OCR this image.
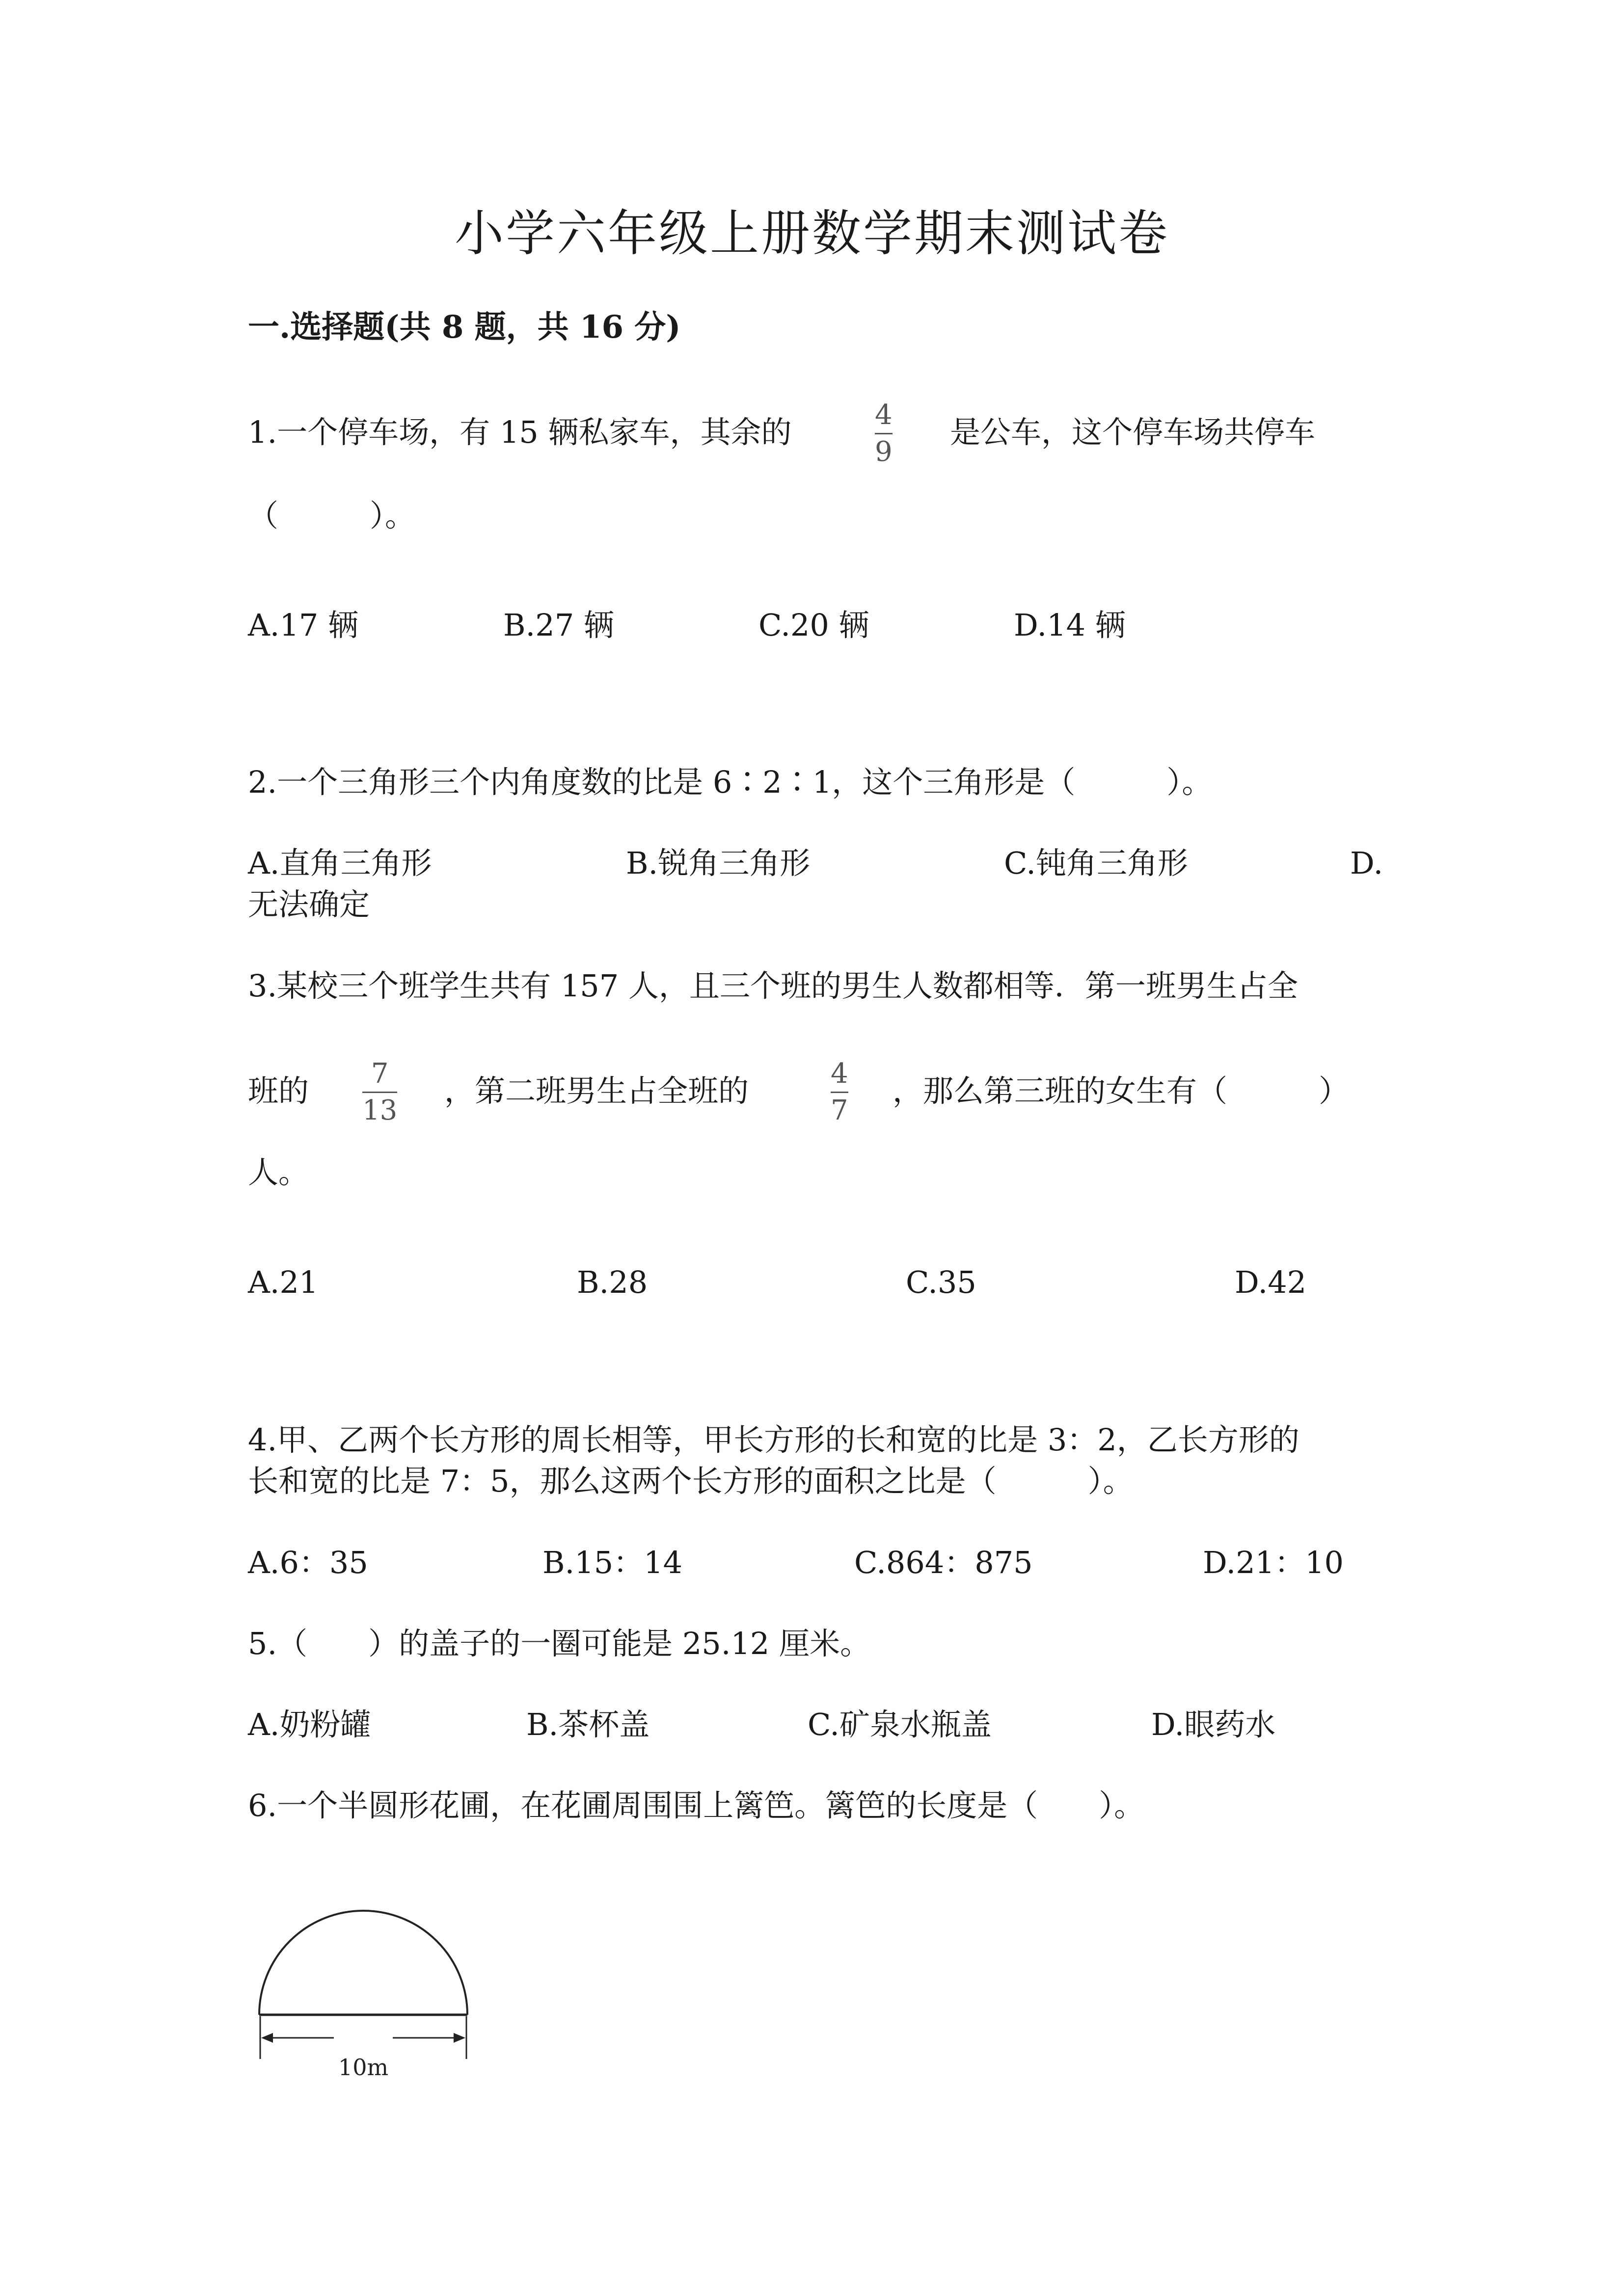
小学六年级上册数学期末测试卷
一.选择题(共 8 题，共 16 分)
1.一个停车场，有 15 辆私家车，其余的	4
9
是公车，这个停车场共停车
（　　　）。
A.17 辆	B.27 辆	C.20 辆	D.14 辆
2.一个三角形三个内角度数的比是 6∶2∶1，这个三角形是（　　　）。
A.直角三角形	B.锐角三角形	C.钝角三角形	D.
无法确定
3.某校三个班学生共有 157 人，且三个班的男生人数都相等．第一班男生占全
班的	7
13
，第二班男生占全班的	4
7
，那么第三班的女生有（　　　）
人。
A.21	B.28	C.35	D.42
4.甲、乙两个长方形的周长相等，甲长方形的长和宽的比是 3：2，乙长方形的
长和宽的比是 7：5，那么这两个长方形的面积之比是（　　　）。
A.6：35	B.15：14	C.864：875	D.21：10
5.（　　）的盖子的一圈可能是 25.12 厘米。
A.奶粉罐	B.茶杯盖	C.矿泉水瓶盖	D.眼药水
6.一个半圆形花圃，在花圃周围围上篱笆。篱笆的长度是（　　）。
10m
